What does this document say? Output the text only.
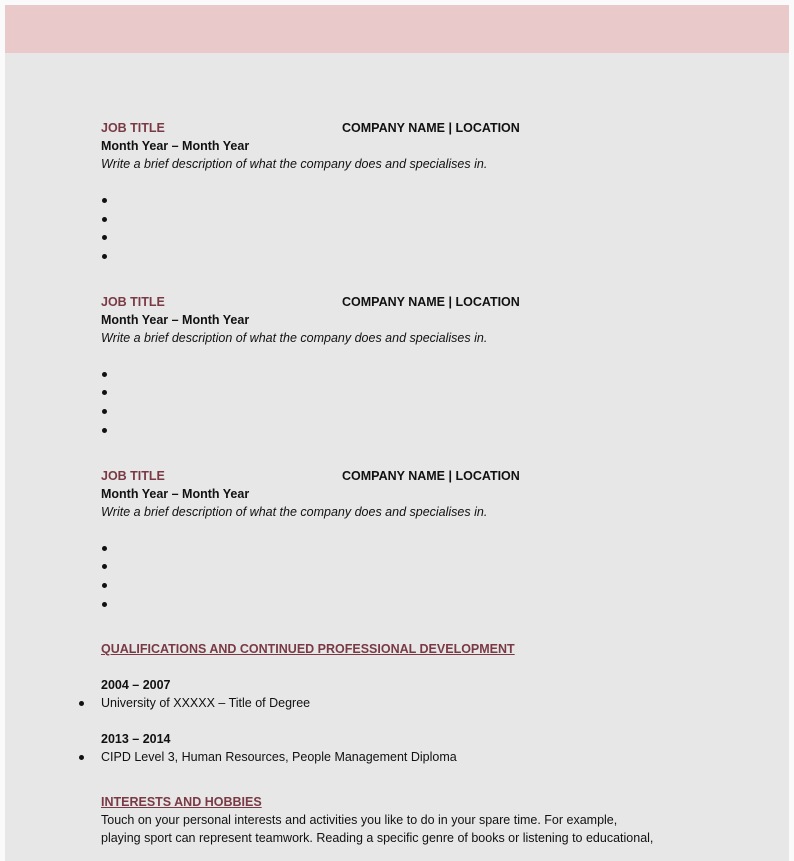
JOB TITLE	COMPANY NAME | LOCATION
Month Year – Month Year
Write a brief description of what the company does and specialises in.
JOB TITLE	COMPANY NAME | LOCATION
Month Year – Month Year
Write a brief description of what the company does and specialises in.
JOB TITLE	COMPANY NAME | LOCATION
Month Year – Month Year
Write a brief description of what the company does and specialises in.
QUALIFICATIONS AND CONTINUED PROFESSIONAL DEVELOPMENT
2004 – 2007
University of XXXXX – Title of Degree
2013 – 2014
CIPD Level 3, Human Resources, People Management Diploma
INTERESTS AND HOBBIES
Touch on your personal interests and activities you like to do in your spare time. For example,
playing sport can represent teamwork. Reading a specific genre of books or listening to educational,
